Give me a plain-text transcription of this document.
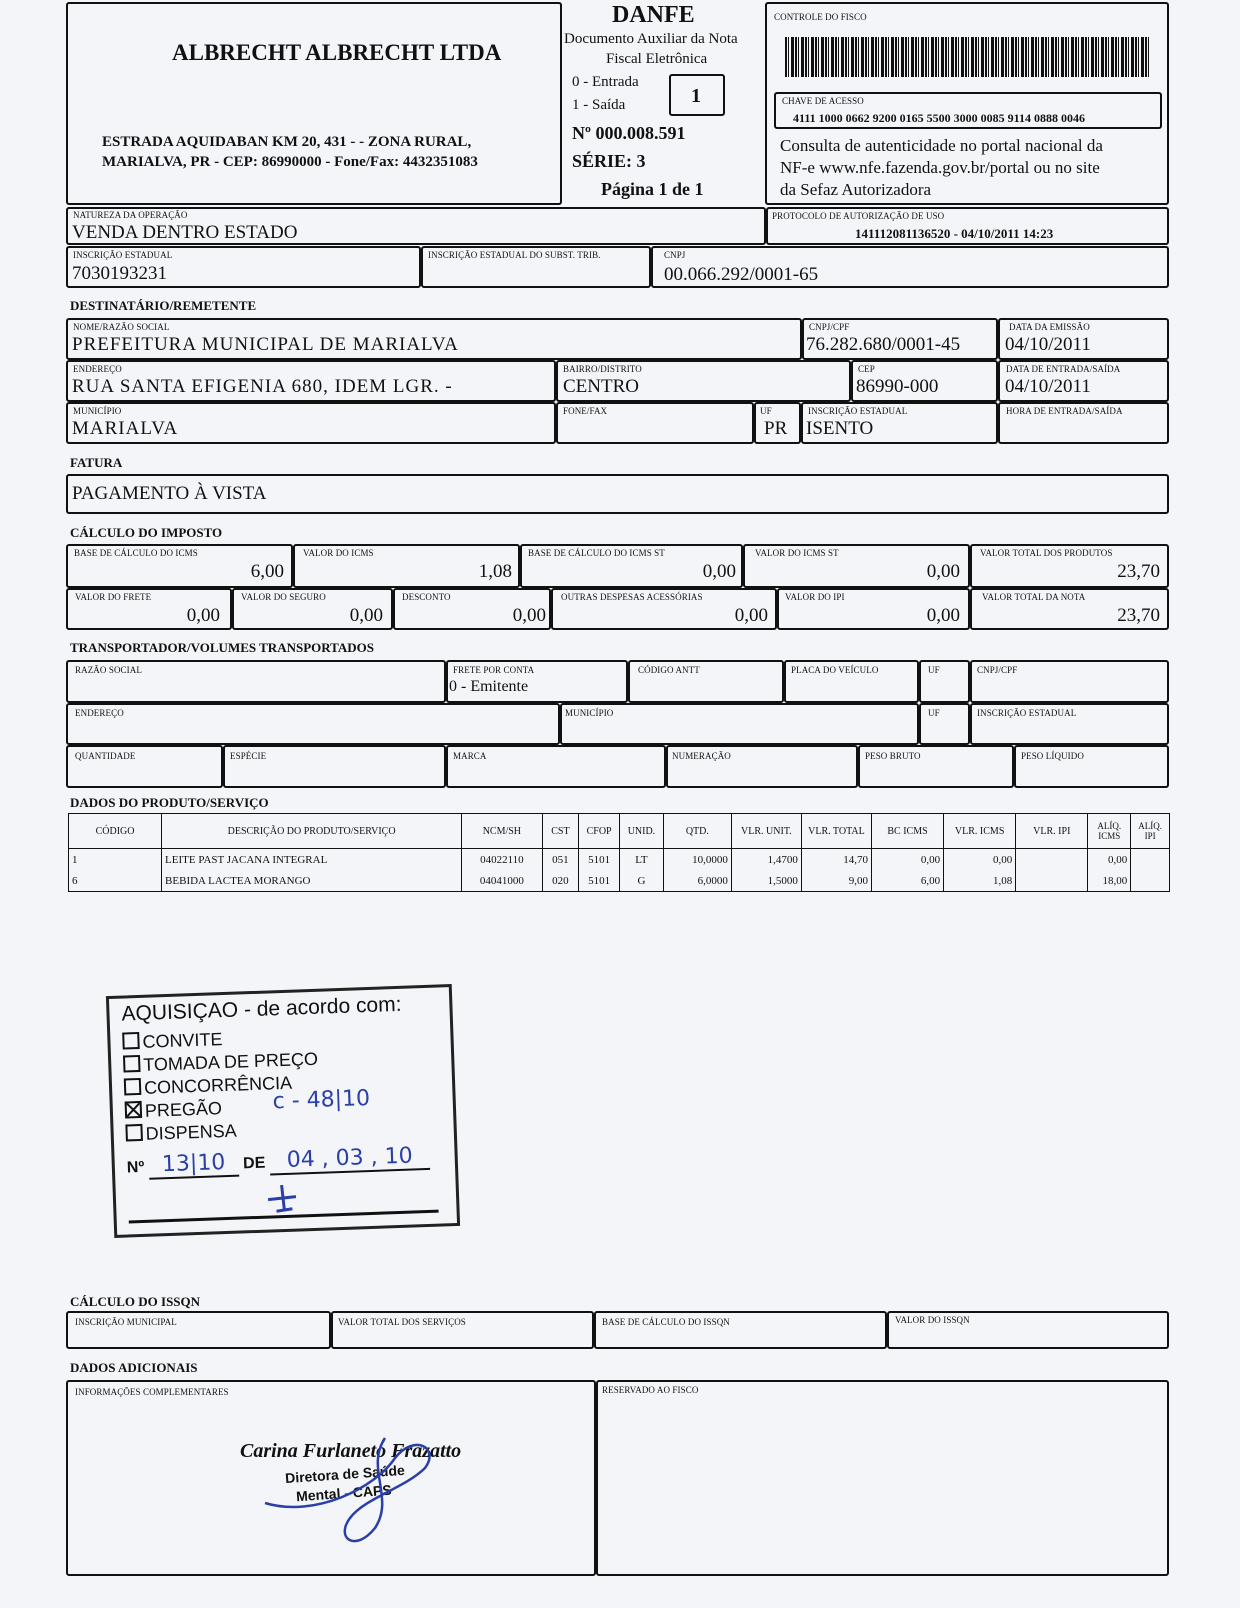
ALBRECHT ALBRECHT LTDA
ESTRADA AQUIDABAN KM 20, 431 - - ZONA RURAL,
MARIALVA, PR - CEP: 86990000 - Fone/Fax: 4432351083
DANFE
Documento Auxiliar da Nota
Fiscal Eletrônica
0 - Entrada
1 - Saída	1
Nº 000.008.591
SÉRIE: 3
Página 1 de 1
CONTROLE DO FISCO
CHAVE DE ACESSO
4111 1000 0662 9200 0165 5500 3000 0085 9114 0888 0046
Consulta de autenticidade no portal nacional da
NF-e www.nfe.fazenda.gov.br/portal ou no site
da Sefaz Autorizadora
NATUREZA DA OPERAÇÃO
VENDA DENTRO ESTADO
PROTOCOLO DE AUTORIZAÇÃO DE USO
141112081136520 - 04/10/2011 14:23
INSCRIÇÃO ESTADUAL
7030193231
INSCRIÇÃO ESTADUAL DO SUBST. TRIB.	CNPJ
00.066.292/0001-65
DESTINATÁRIO/REMETENTE
NOME/RAZÃO SOCIAL
PREFEITURA MUNICIPAL DE MARIALVA
CNPJ/CPF
76.282.680/0001-45
DATA DA EMISSÃO
04/10/2011
ENDEREÇO
RUA SANTA EFIGENIA 680, IDEM LGR. -
BAIRRO/DISTRITO
CENTRO
CEP
86990-000
DATA DE ENTRADA/SAÍDA
04/10/2011
MUNICÍPIO
MARIALVA
FONE/FAX	UF
PR
INSCRIÇÃO ESTADUAL
ISENTO
HORA DE ENTRADA/SAÍDA
FATURA
PAGAMENTO À VISTA
CÁLCULO DO IMPOSTO
BASE DE CÁLCULO DO ICMS
6,00
VALOR DO ICMS
1,08
BASE DE CÁLCULO DO ICMS ST
0,00
VALOR DO ICMS ST
0,00
VALOR TOTAL DOS PRODUTOS
23,70
VALOR DO FRETE
0,00
VALOR DO SEGURO
0,00
DESCONTO
0,00
OUTRAS DESPESAS ACESSÓRIAS
0,00
VALOR DO IPI
0,00
VALOR TOTAL DA NOTA
23,70
TRANSPORTADOR/VOLUMES TRANSPORTADOS
RAZÃO SOCIAL	FRETE POR CONTA
0 - Emitente
CÓDIGO ANTT	PLACA DO VEÍCULO	UF	CNPJ/CPF
ENDEREÇO	MUNICÍPIO	UF	INSCRIÇÃO ESTADUAL
QUANTIDADE	ESPÉCIE	MARCA	NUMERAÇÃO	PESO BRUTO	PESO LÍQUIDO
DADOS DO PRODUTO/SERVIÇO
CÓDIGO	DESCRIÇÃO DO PRODUTO/SERVIÇO	NCM/SH	CST	CFOP	UNID.	QTD.	VLR. UNIT.	VLR. TOTAL	BC ICMS	VLR. ICMS	VLR. IPI	ALÍQ. ICMS	ALÍQ. IPI
1	LEITE PAST JACANA INTEGRAL	04022110	051	5101	LT	10,0000	1,4700	14,70	0,00	0,00		0,00	
6	BEBIDA LACTEA MORANGO	04041000	020	5101	G	6,0000	1,5000	9,00	6,00	1,08		18,00	
AQUISIÇAO - de acordo com:
CONVITE
TOMADA DE PREÇO
CONCORRÊNCIA
PREGÃO c - 48|10
DISPENSA
Nº 13|10 DE 04 , 03 , 10
CÁLCULO DO ISSQN
INSCRIÇÃO MUNICIPAL	VALOR TOTAL DOS SERVIÇOS	BASE DE CÁLCULO DO ISSQN	VALOR DO ISSQN
DADOS ADICIONAIS
INFORMAÇÕES COMPLEMENTARES	RESERVADO AO FISCO
Carina Furlaneto Frazatto
Diretora de Saúde
Mental - CAPS
